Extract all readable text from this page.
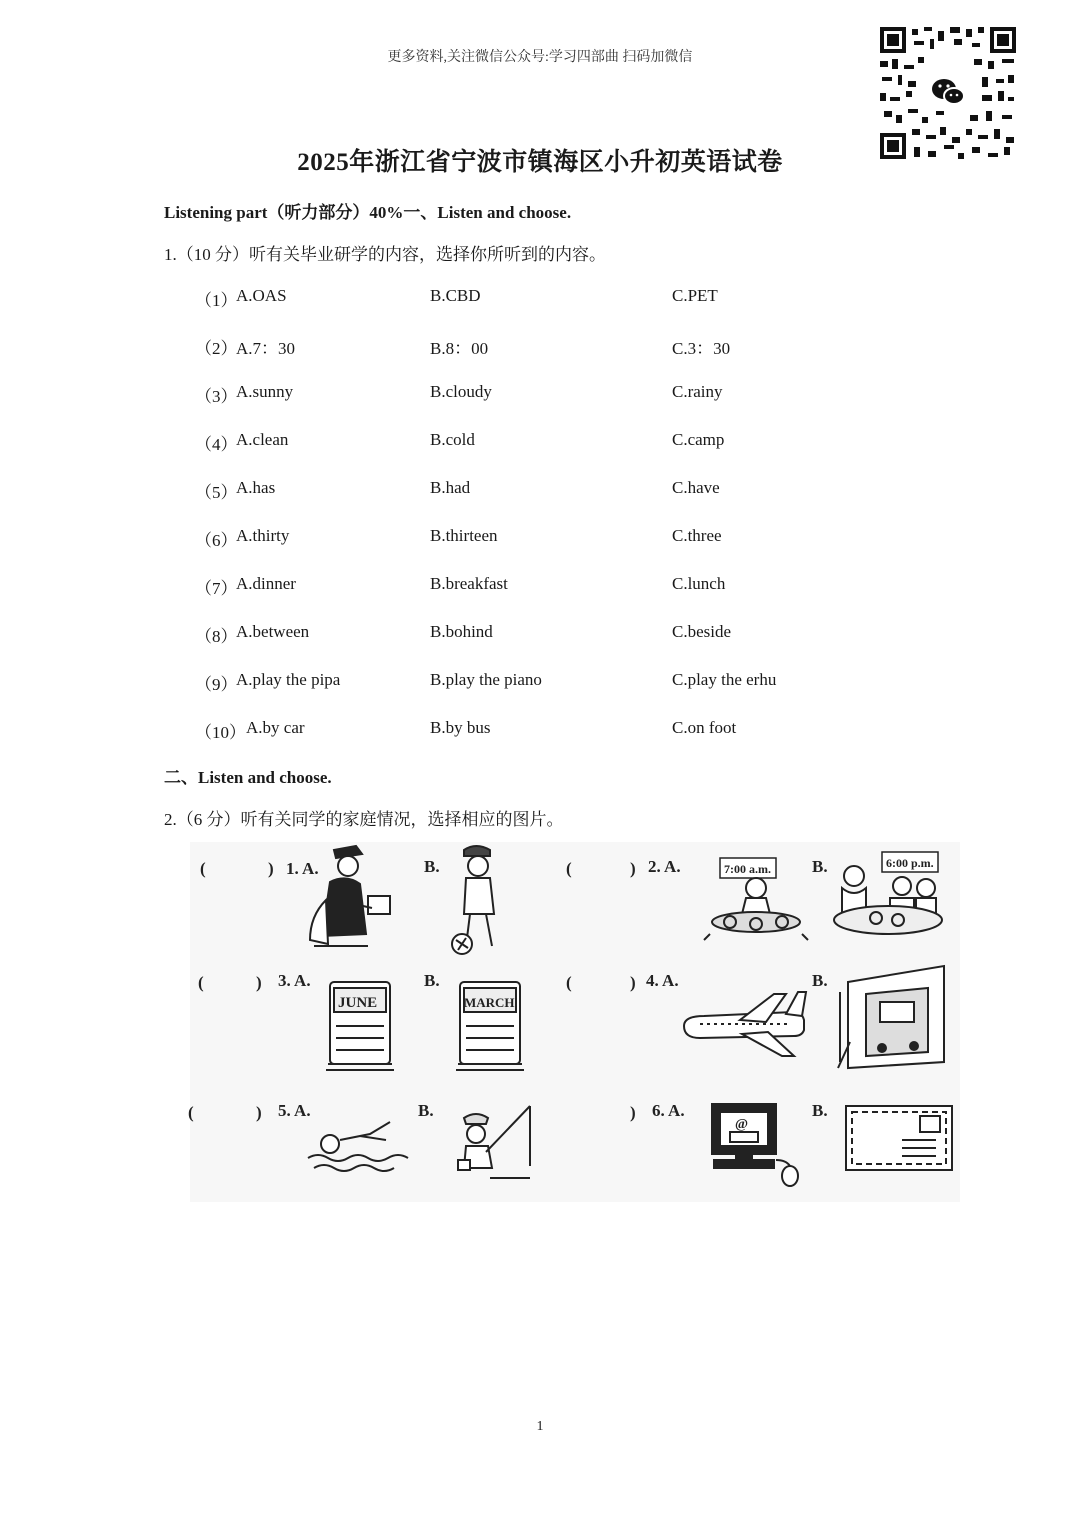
更多资料,关注微信公众号:学习四部曲 扫码加微信
2025年浙江省宁波市镇海区小升初英语试卷
Listening part（听力部分）40%一、Listen and choose.
1.（10 分）听有关毕业研学的内容，选择你所听到的内容。
（1）
A.OAS	B.CBD	C.PET
（2）
A.7：30	B.8：00	C.3：30
（3）
A.sunny	B.cloudy	C.rainy
（4）
A.clean	B.cold	C.camp
（5）
A.has	B.had	C.have
（6）
A.thirty	B.thirteen	C.three
（7）
A.dinner	B.breakfast	C.lunch
（8）
A.between	B.bohind	C.beside
（9）
A.play the pipa	B.play the piano	C.play the erhu
（10） A.by car	B.by bus	C.on foot
二、Listen and choose.
2.（6 分）听有关同学的家庭情况，选择相应的图片。
(	) 1. A.	B.	(	) 2. A.	B.
(	) 3. A.	B.	(	) 4. A.	B.
(	) 5. A.	B.	) 6. A.	B.
7:00 a.m.	6:00 p.m.
JUNE	MARCH
@
1
